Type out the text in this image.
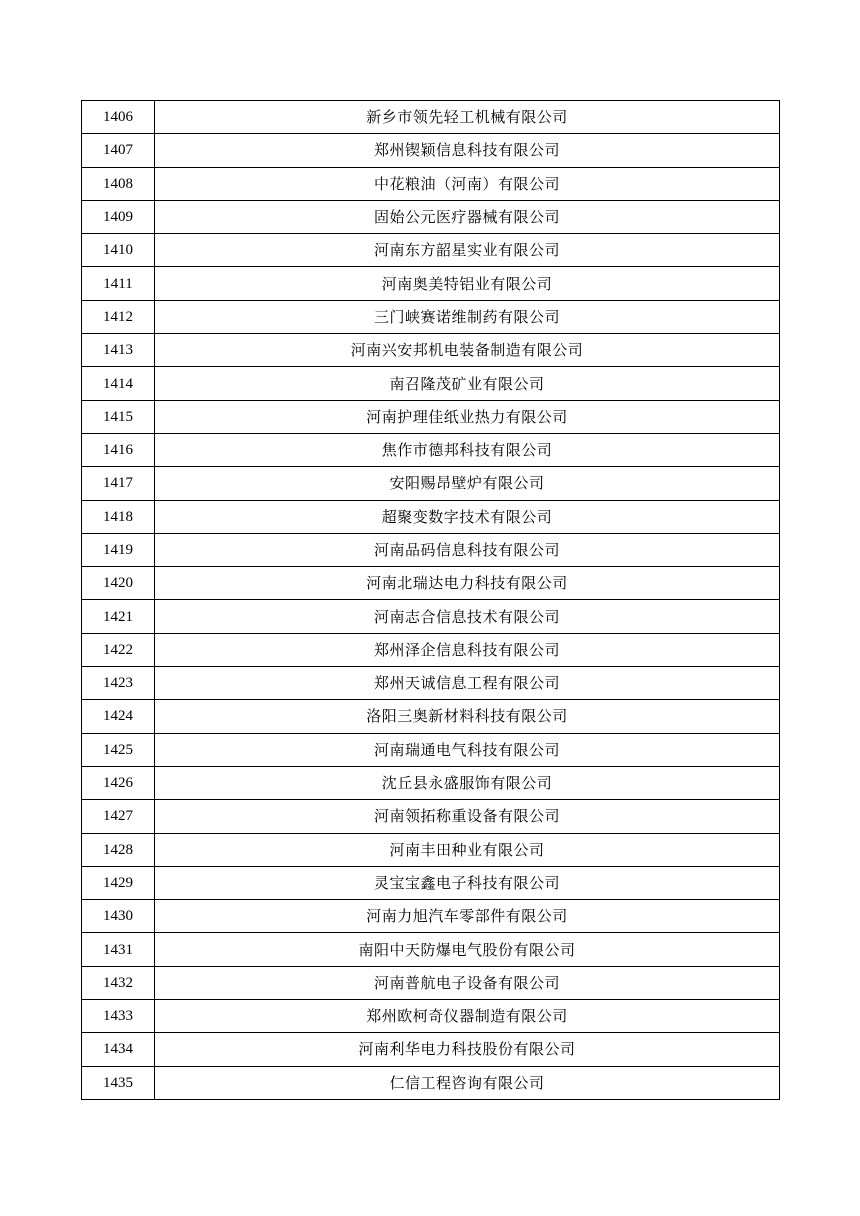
1406	新乡市领先轻工机械有限公司
1407	郑州锲颖信息科技有限公司
1408	中花粮油（河南）有限公司
1409	固始公元医疗器械有限公司
1410	河南东方韶星实业有限公司
1411	河南奥美特铝业有限公司
1412	三门峡赛诺维制药有限公司
1413	河南兴安邦机电装备制造有限公司
1414	南召隆茂矿业有限公司
1415	河南护理佳纸业热力有限公司
1416	焦作市德邦科技有限公司
1417	安阳赐昂壁炉有限公司
1418	超聚变数字技术有限公司
1419	河南品码信息科技有限公司
1420	河南北瑞达电力科技有限公司
1421	河南志合信息技术有限公司
1422	郑州泽企信息科技有限公司
1423	郑州天诚信息工程有限公司
1424	洛阳三奥新材料科技有限公司
1425	河南瑞通电气科技有限公司
1426	沈丘县永盛服饰有限公司
1427	河南领拓称重设备有限公司
1428	河南丰田种业有限公司
1429	灵宝宝鑫电子科技有限公司
1430	河南力旭汽车零部件有限公司
1431	南阳中天防爆电气股份有限公司
1432	河南普航电子设备有限公司
1433	郑州欧柯奇仪器制造有限公司
1434	河南利华电力科技股份有限公司
1435	仁信工程咨询有限公司
